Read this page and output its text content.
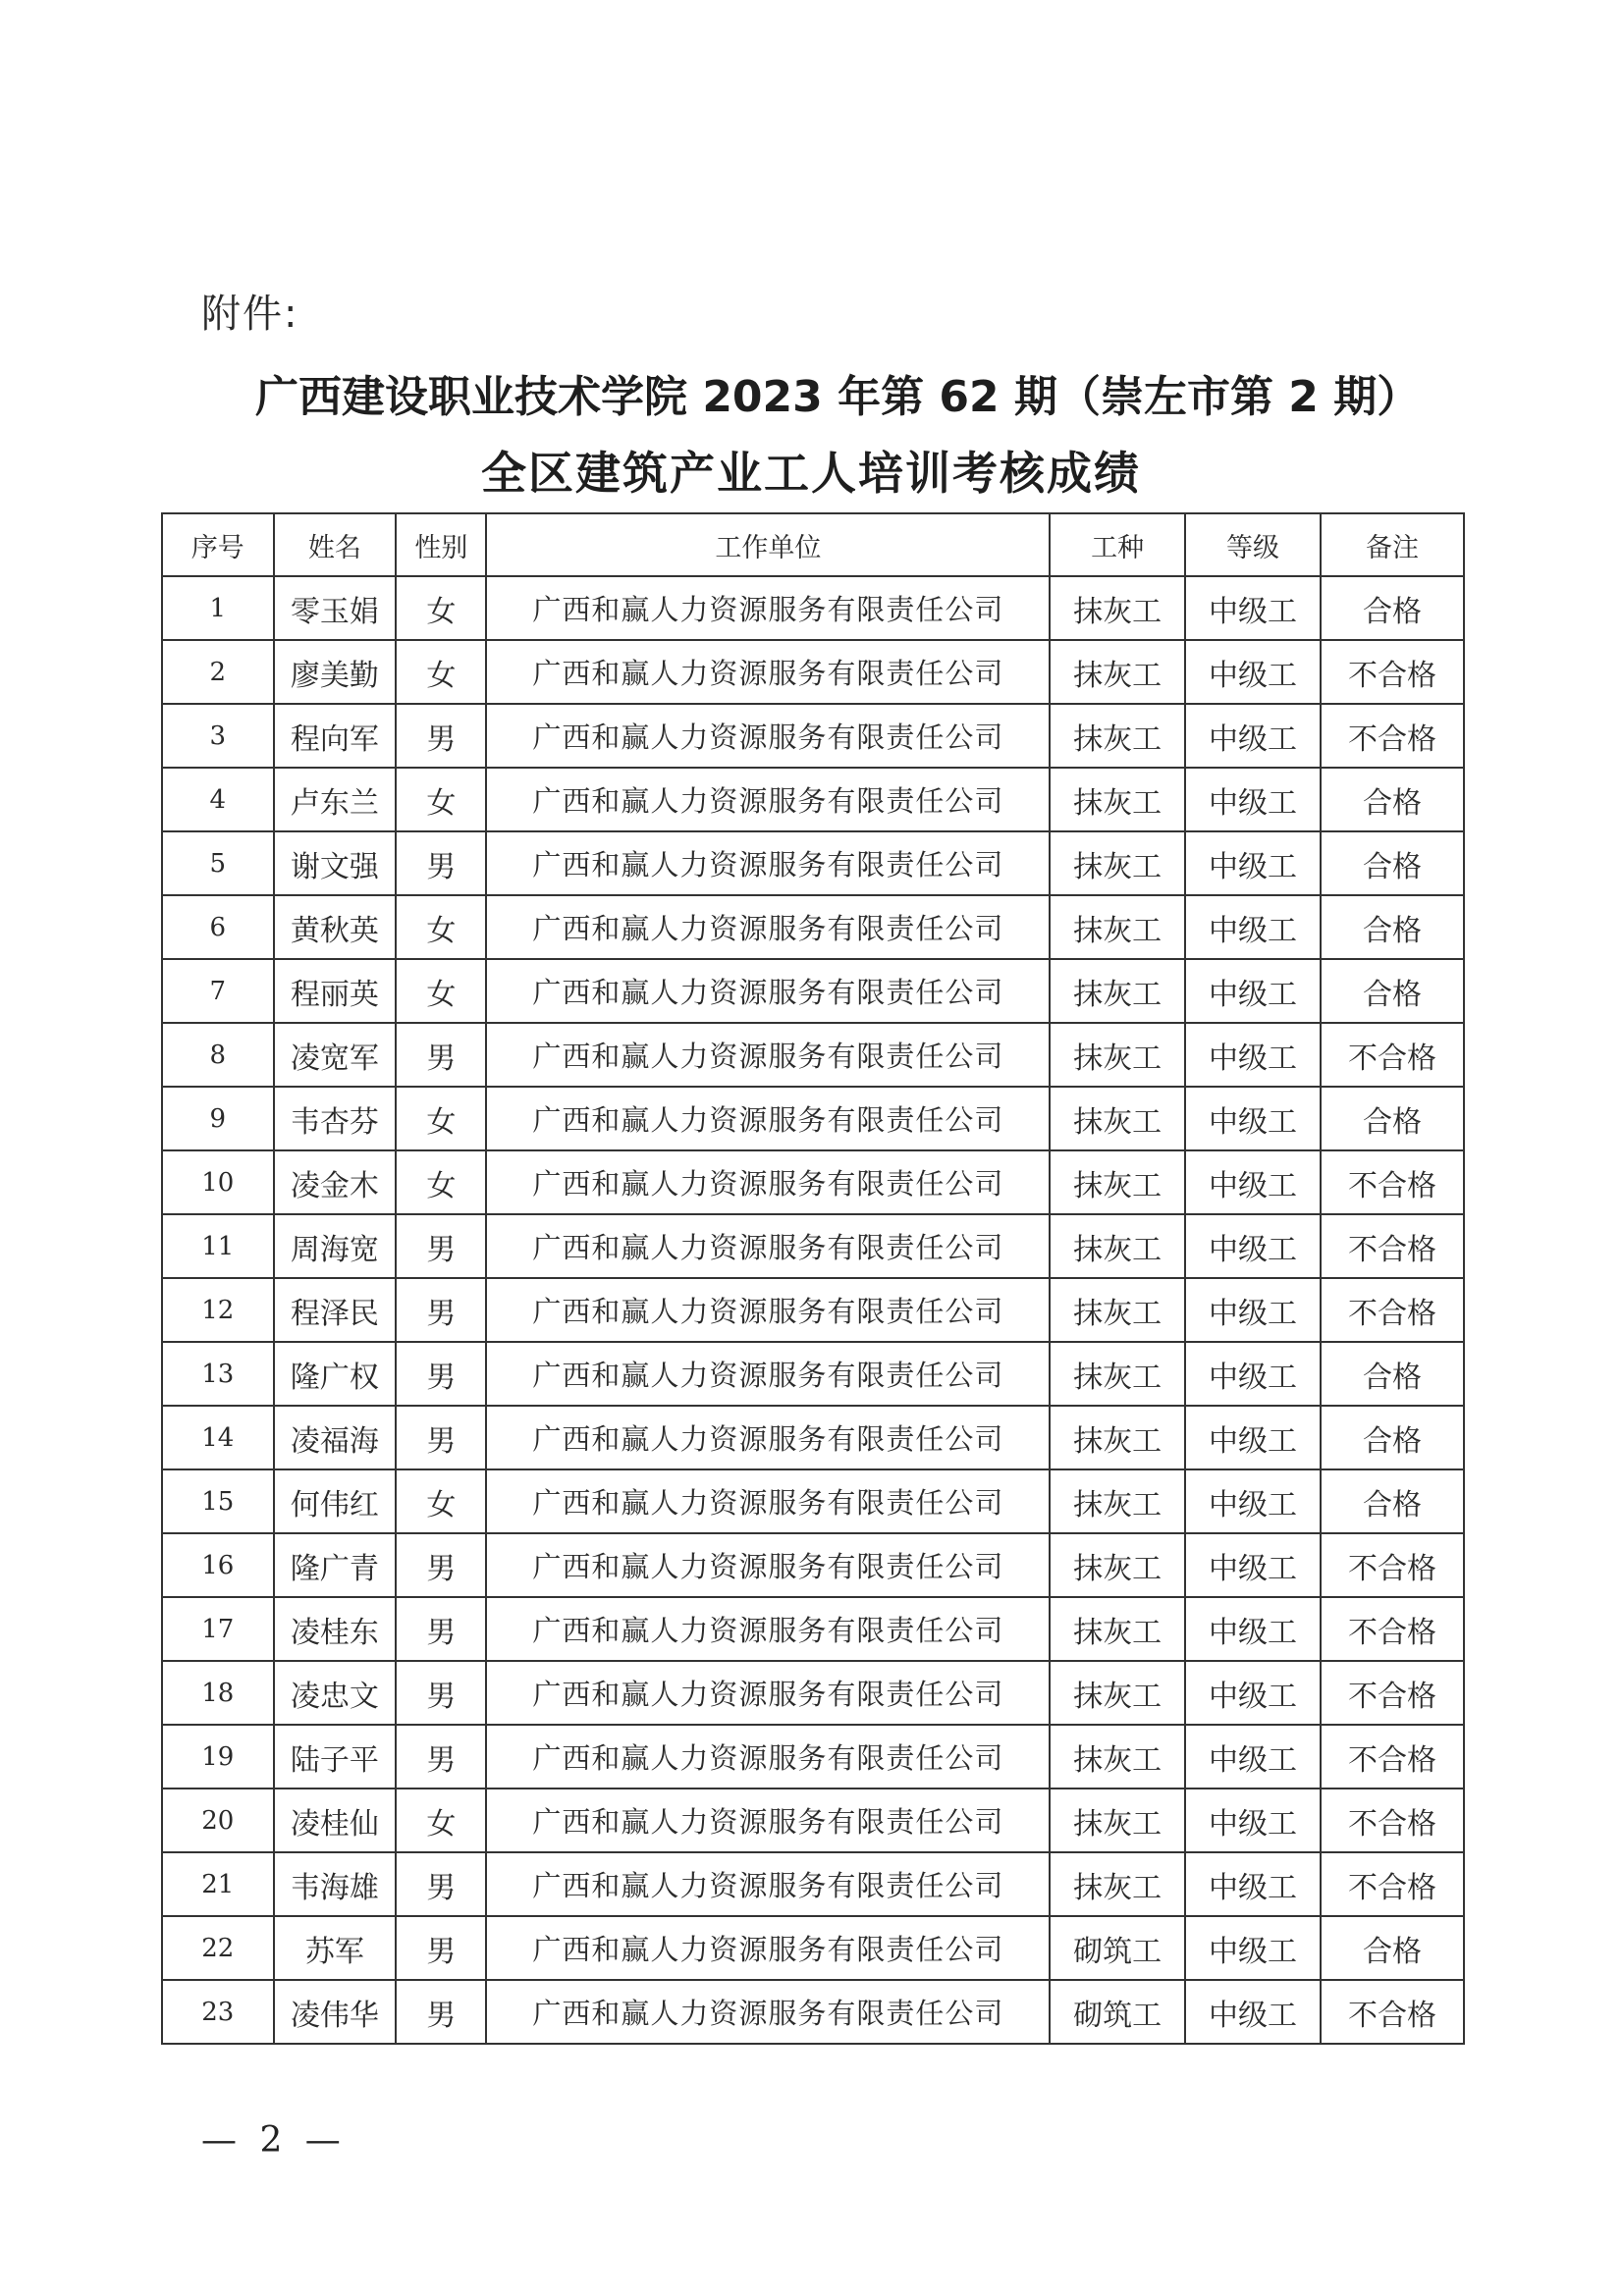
附件:
广西建设职业技术学院 2023 年第 62 期（崇左市第 2 期）
全区建筑产业工人培训考核成绩
序号	姓名	性别	工作单位	工种	等级	备注
1	零玉娟	女	广西和赢人力资源服务有限责任公司	抹灰工	中级工	合格
2	廖美勤	女	广西和赢人力资源服务有限责任公司	抹灰工	中级工	不合格
3	程向军	男	广西和赢人力资源服务有限责任公司	抹灰工	中级工	不合格
4	卢东兰	女	广西和赢人力资源服务有限责任公司	抹灰工	中级工	合格
5	谢文强	男	广西和赢人力资源服务有限责任公司	抹灰工	中级工	合格
6	黄秋英	女	广西和赢人力资源服务有限责任公司	抹灰工	中级工	合格
7	程丽英	女	广西和赢人力资源服务有限责任公司	抹灰工	中级工	合格
8	凌宽军	男	广西和赢人力资源服务有限责任公司	抹灰工	中级工	不合格
9	韦杏芬	女	广西和赢人力资源服务有限责任公司	抹灰工	中级工	合格
10	凌金木	女	广西和赢人力资源服务有限责任公司	抹灰工	中级工	不合格
11	周海宽	男	广西和赢人力资源服务有限责任公司	抹灰工	中级工	不合格
12	程泽民	男	广西和赢人力资源服务有限责任公司	抹灰工	中级工	不合格
13	隆广权	男	广西和赢人力资源服务有限责任公司	抹灰工	中级工	合格
14	凌福海	男	广西和赢人力资源服务有限责任公司	抹灰工	中级工	合格
15	何伟红	女	广西和赢人力资源服务有限责任公司	抹灰工	中级工	合格
16	隆广青	男	广西和赢人力资源服务有限责任公司	抹灰工	中级工	不合格
17	凌桂东	男	广西和赢人力资源服务有限责任公司	抹灰工	中级工	不合格
18	凌忠文	男	广西和赢人力资源服务有限责任公司	抹灰工	中级工	不合格
19	陆子平	男	广西和赢人力资源服务有限责任公司	抹灰工	中级工	不合格
20	凌桂仙	女	广西和赢人力资源服务有限责任公司	抹灰工	中级工	不合格
21	韦海雄	男	广西和赢人力资源服务有限责任公司	抹灰工	中级工	不合格
22	苏军	男	广西和赢人力资源服务有限责任公司	砌筑工	中级工	合格
23	凌伟华	男	广西和赢人力资源服务有限责任公司	砌筑工	中级工	不合格
— 2 —
